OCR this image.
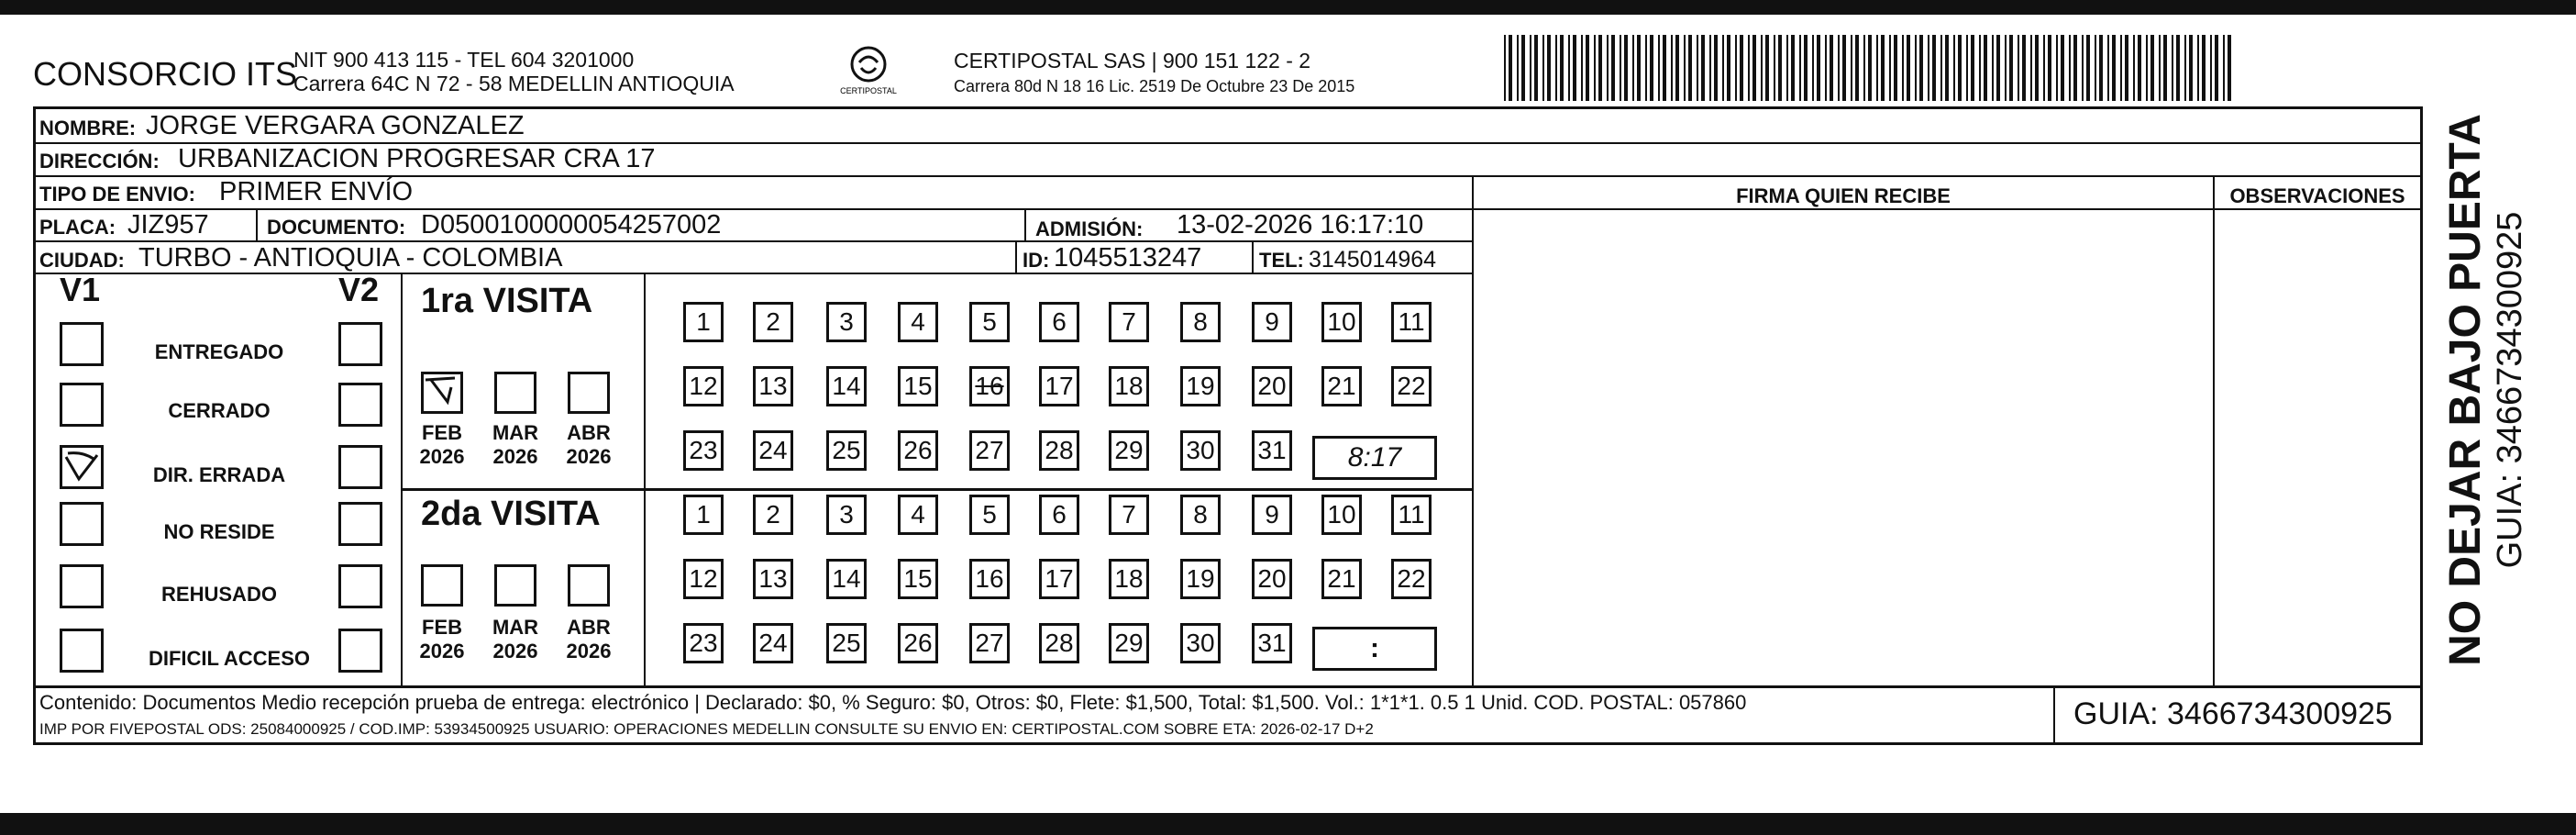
CONSORCIO ITS
NIT 900 413 115 - TEL 604 3201000
Carrera 64C N 72 - 58 MEDELLIN ANTIOQUIA	CERTIPOSTAL
CERTIPOSTAL SAS | 900 151 122 - 2
Carrera 80d N 18 16 Lic. 2519 De Octubre 23 De 2015
NOMBRE: JORGE VERGARA GONZALEZ
DIRECCIÓN: URBANIZACION PROGRESAR CRA 17
TIPO DE ENVIO: PRIMER ENVÍO	FIRMA QUIEN RECIBE	OBSERVACIONES
PLACA: JIZ957	DOCUMENTO: D0500100000054257002	ADMISIÓN: 13-02-2026 16:17:10
CIUDAD: TURBO - ANTIOQUIA - COLOMBIA	ID: 1045513247	TEL: 3145014964
V1	V2
ENTREGADO
CERRADO
DIR. ERRADA
NO RESIDE
REHUSADO
DIFICIL ACCESO
1ra VISITA
FEB
2026
MAR
2026
ABR
2026
2da VISITA
FEB
2026
MAR
2026
ABR
2026
8:17
:
Contenido: Documentos Medio recepción prueba de entrega: electrónico | Declarado: $0, % Seguro: $0, Otros: $0, Flete: $1,500, Total: $1,500. Vol.: 1*1*1. 0.5 1 Unid. COD. POSTAL: 057860
IMP POR FIVEPOSTAL ODS: 25084000925 / COD.IMP: 53934500925 USUARIO: OPERACIONES MEDELLIN CONSULTE SU ENVIO EN: CERTIPOSTAL.COM SOBRE ETA: 2026-02-17 D+2	GUIA: 3466734300925
1	2	3	4	5	6	7	8	9	10 11
12 13 14 15 16 17 18 19 20 21 22
23 24 25 26 27 28 29 30 31
1	2	3	4	5	6	7	8	9	10 11
12 13 14 15 16 17 18 19 20 21 22
23 24 25 26 27 28 29 30 31	NO DEJAR BAJO PUERTA GUIA: 3466734300925
